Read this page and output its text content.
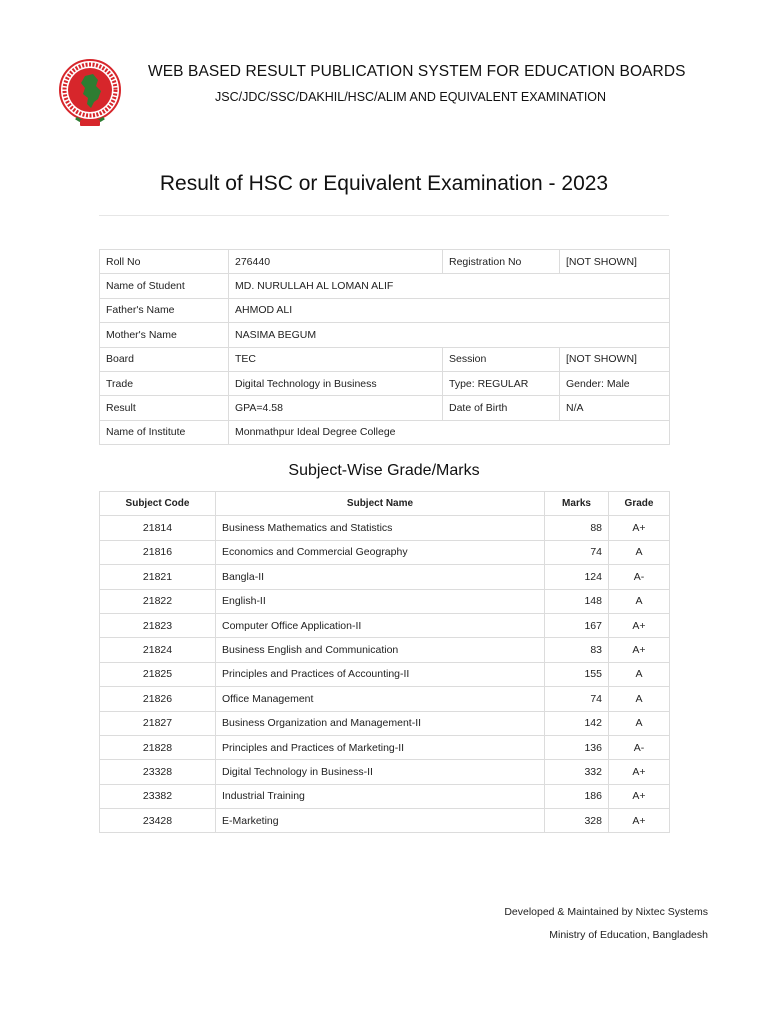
WEB BASED RESULT PUBLICATION SYSTEM FOR EDUCATION BOARDS
JSC/JDC/SSC/DAKHIL/HSC/ALIM AND EQUIVALENT EXAMINATION
Result of HSC or Equivalent Examination - 2023
Roll No	276440	Registration No	[NOT SHOWN]
Name of Student	MD. NURULLAH AL LOMAN ALIF		
Father's Name	AHMOD ALI		
Mother's Name	NASIMA BEGUM		
Board	TEC	Session	[NOT SHOWN]
Trade	Digital Technology in Business	Type: REGULAR	Gender: Male
Result	GPA=4.58	Date of Birth	N/A
Name of Institute	Monmathpur Ideal Degree College		
Subject-Wise Grade/Marks
Subject Code	Subject Name	Marks	Grade
21814	Business Mathematics and Statistics	88	A+
21816	Economics and Commercial Geography	74	A
21821	Bangla-II	124	A-
21822	English-II	148	A
21823	Computer Office Application-II	167	A+
21824	Business English and Communication	83	A+
21825	Principles and Practices of Accounting-II	155	A
21826	Office Management	74	A
21827	Business Organization and Management-II	142	A
21828	Principles and Practices of Marketing-II	136	A-
23328	Digital Technology in Business-II	332	A+
23382	Industrial Training	186	A+
23428	E-Marketing	328	A+
Developed & Maintained by Nixtec Systems
Ministry of Education, Bangladesh
